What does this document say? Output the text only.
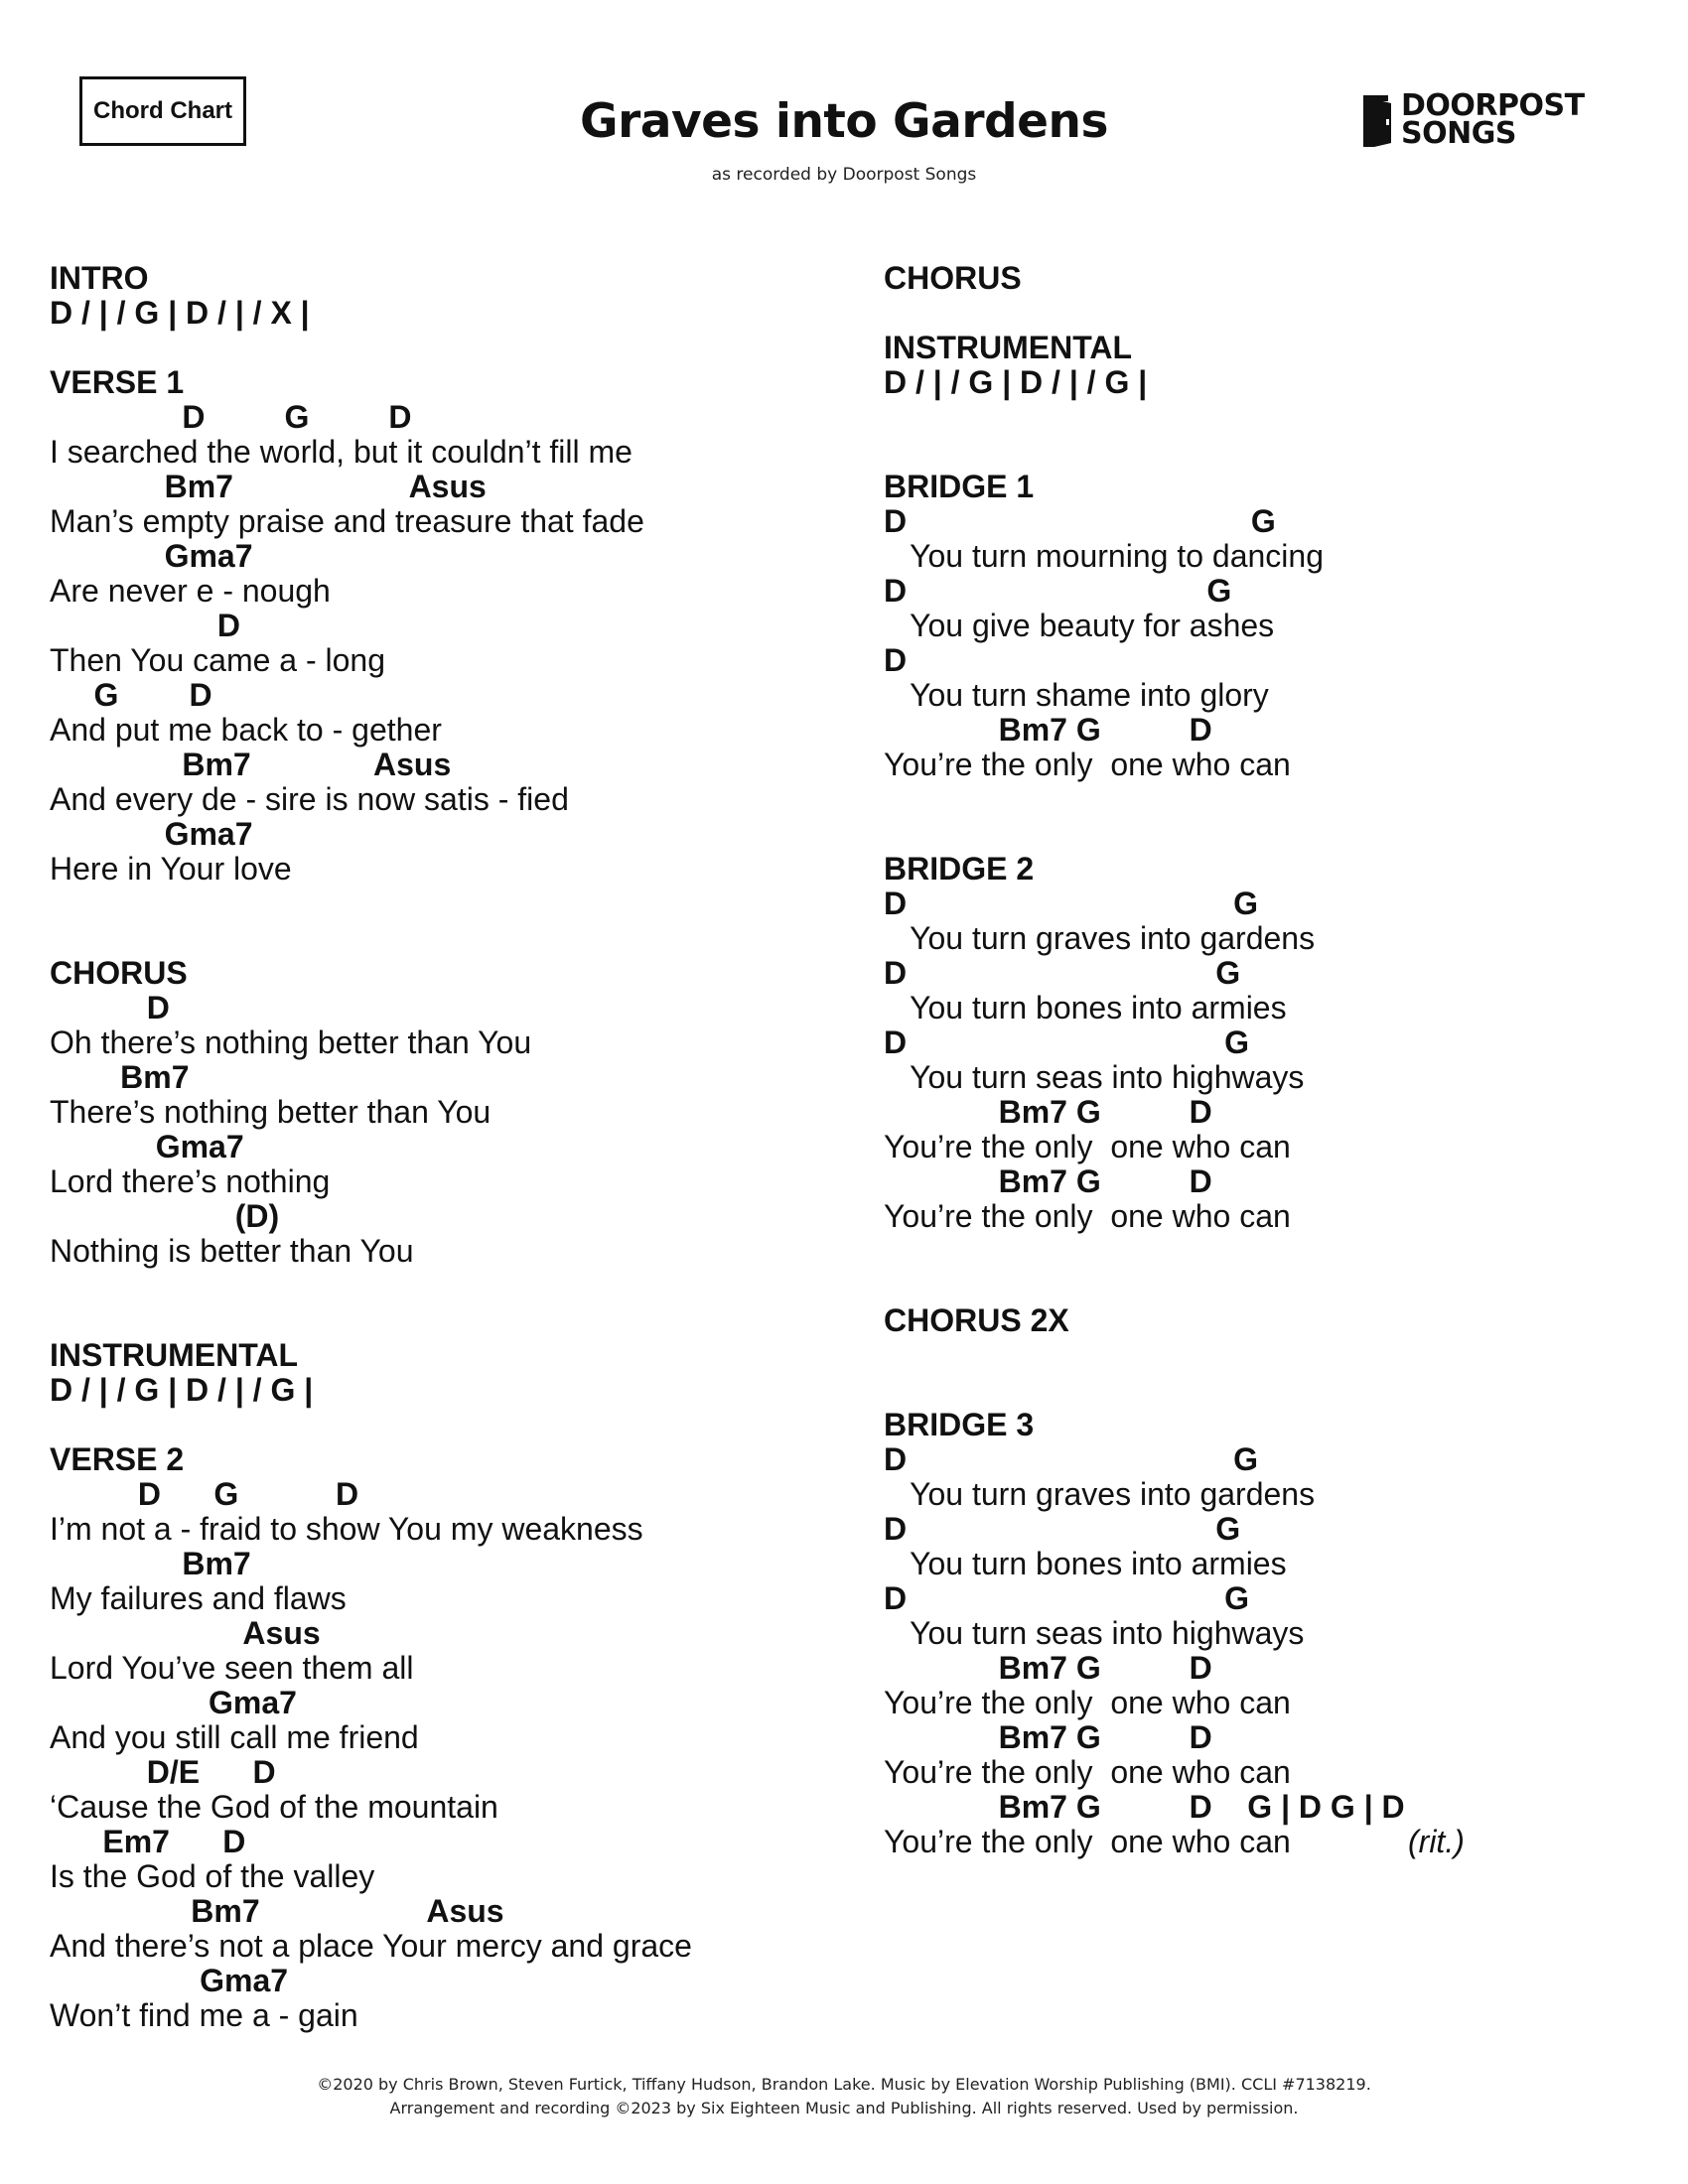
Chord Chart	Graves into Gardens
as recorded by Doorpost Songs
DOORPOST
SONGS
INTRO
D / | / G | D / | / X |
VERSE 1
D         G         D
I searched the world, but it couldn’t fill me
Bm7                    Asus
Man’s empty praise and treasure that fade
Gma7
Are never e - nough
D
Then You came a - long
G        D
And put me back to - gether
Bm7              Asus
And every de - sire is now satis - fied
Gma7
Here in Your love
CHORUS
D
Oh there’s nothing better than You
Bm7
There’s nothing better than You
Gma7
Lord there’s nothing
(D)
Nothing is better than You
INSTRUMENTAL
D / | / G | D / | / G |
VERSE 2
D      G           D
I’m not a - fraid to show You my weakness
Bm7
My failures and flaws
Asus
Lord You’ve seen them all
Gma7
And you still call me friend
D/E      D
‘Cause the God of the mountain
Em7      D
Is the God of the valley
Bm7                   Asus
And there’s not a place Your mercy and grace
Gma7
Won’t find me a - gain
CHORUS
INSTRUMENTAL
D / | / G | D / | / G |
BRIDGE 1
D                                       G
You turn mourning to dancing
D                                  G
You give beauty for ashes
D
You turn shame into glory
Bm7 G          D
You’re the only  one who can
BRIDGE 2
D                                     G
You turn graves into gardens
D                                   G
You turn bones into armies
D                                    G
You turn seas into highways
Bm7 G          D
You’re the only  one who can
Bm7 G          D
You’re the only  one who can
CHORUS 2X
BRIDGE 3
D                                     G
You turn graves into gardens
D                                   G
You turn bones into armies
D                                    G
You turn seas into highways
Bm7 G          D
You’re the only  one who can
Bm7 G          D
You’re the only  one who can
Bm7 G          D    G | D G | D
You’re the only  one who can	(rit.)
©2020 by Chris Brown, Steven Furtick, Tiffany Hudson, Brandon Lake. Music by Elevation Worship Publishing (BMI). CCLI #7138219.
Arrangement and recording ©2023 by Six Eighteen Music and Publishing. All rights reserved. Used by permission.
